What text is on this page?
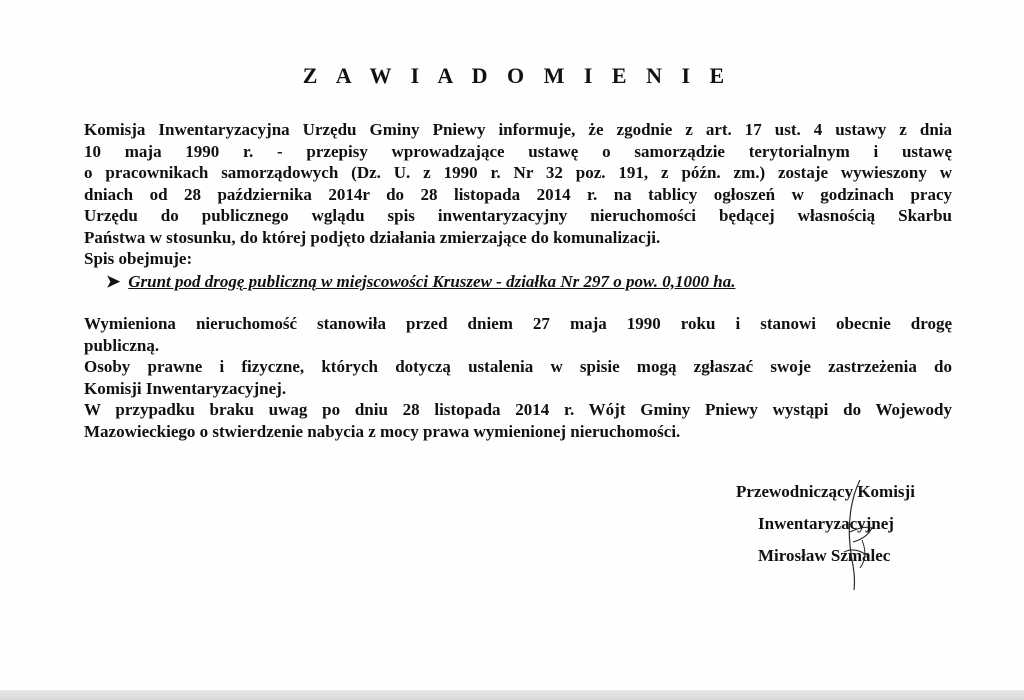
Z A W I A D O M I E N I E
Komisja Inwentaryzacyjna Urzędu Gminy Pniewy informuje, że zgodnie z art. 17 ust. 4 ustawy z dnia
10 maja 1990 r. - przepisy wprowadzające ustawę o samorządzie terytorialnym i ustawę
o pracownikach samorządowych (Dz. U. z 1990 r. Nr 32 poz. 191, z późn. zm.) zostaje wywieszony w
dniach od 28 października 2014r do 28 listopada 2014 r. na tablicy ogłoszeń w godzinach pracy
Urzędu do publicznego wglądu spis inwentaryzacyjny nieruchomości będącej własnością Skarbu
Państwa w stosunku, do której podjęto działania zmierzające do komunalizacji.
Spis obejmuje:
➤ Grunt pod drogę publiczną w miejscowości Kruszew - działka Nr 297 o pow. 0,1000 ha.
Wymieniona nieruchomość stanowiła przed dniem 27 maja 1990 roku i stanowi obecnie drogę
publiczną.
Osoby prawne i fizyczne, których dotyczą ustalenia w spisie mogą zgłaszać swoje zastrzeżenia do
Komisji Inwentaryzacyjnej.
W przypadku braku uwag po dniu 28 listopada 2014 r. Wójt Gminy Pniewy wystąpi do Wojewody
Mazowieckiego o stwierdzenie nabycia z mocy prawa wymienionej nieruchomości.
Przewodniczący Komisji
Inwentaryzacyjnej
Mirosław Szmalec
